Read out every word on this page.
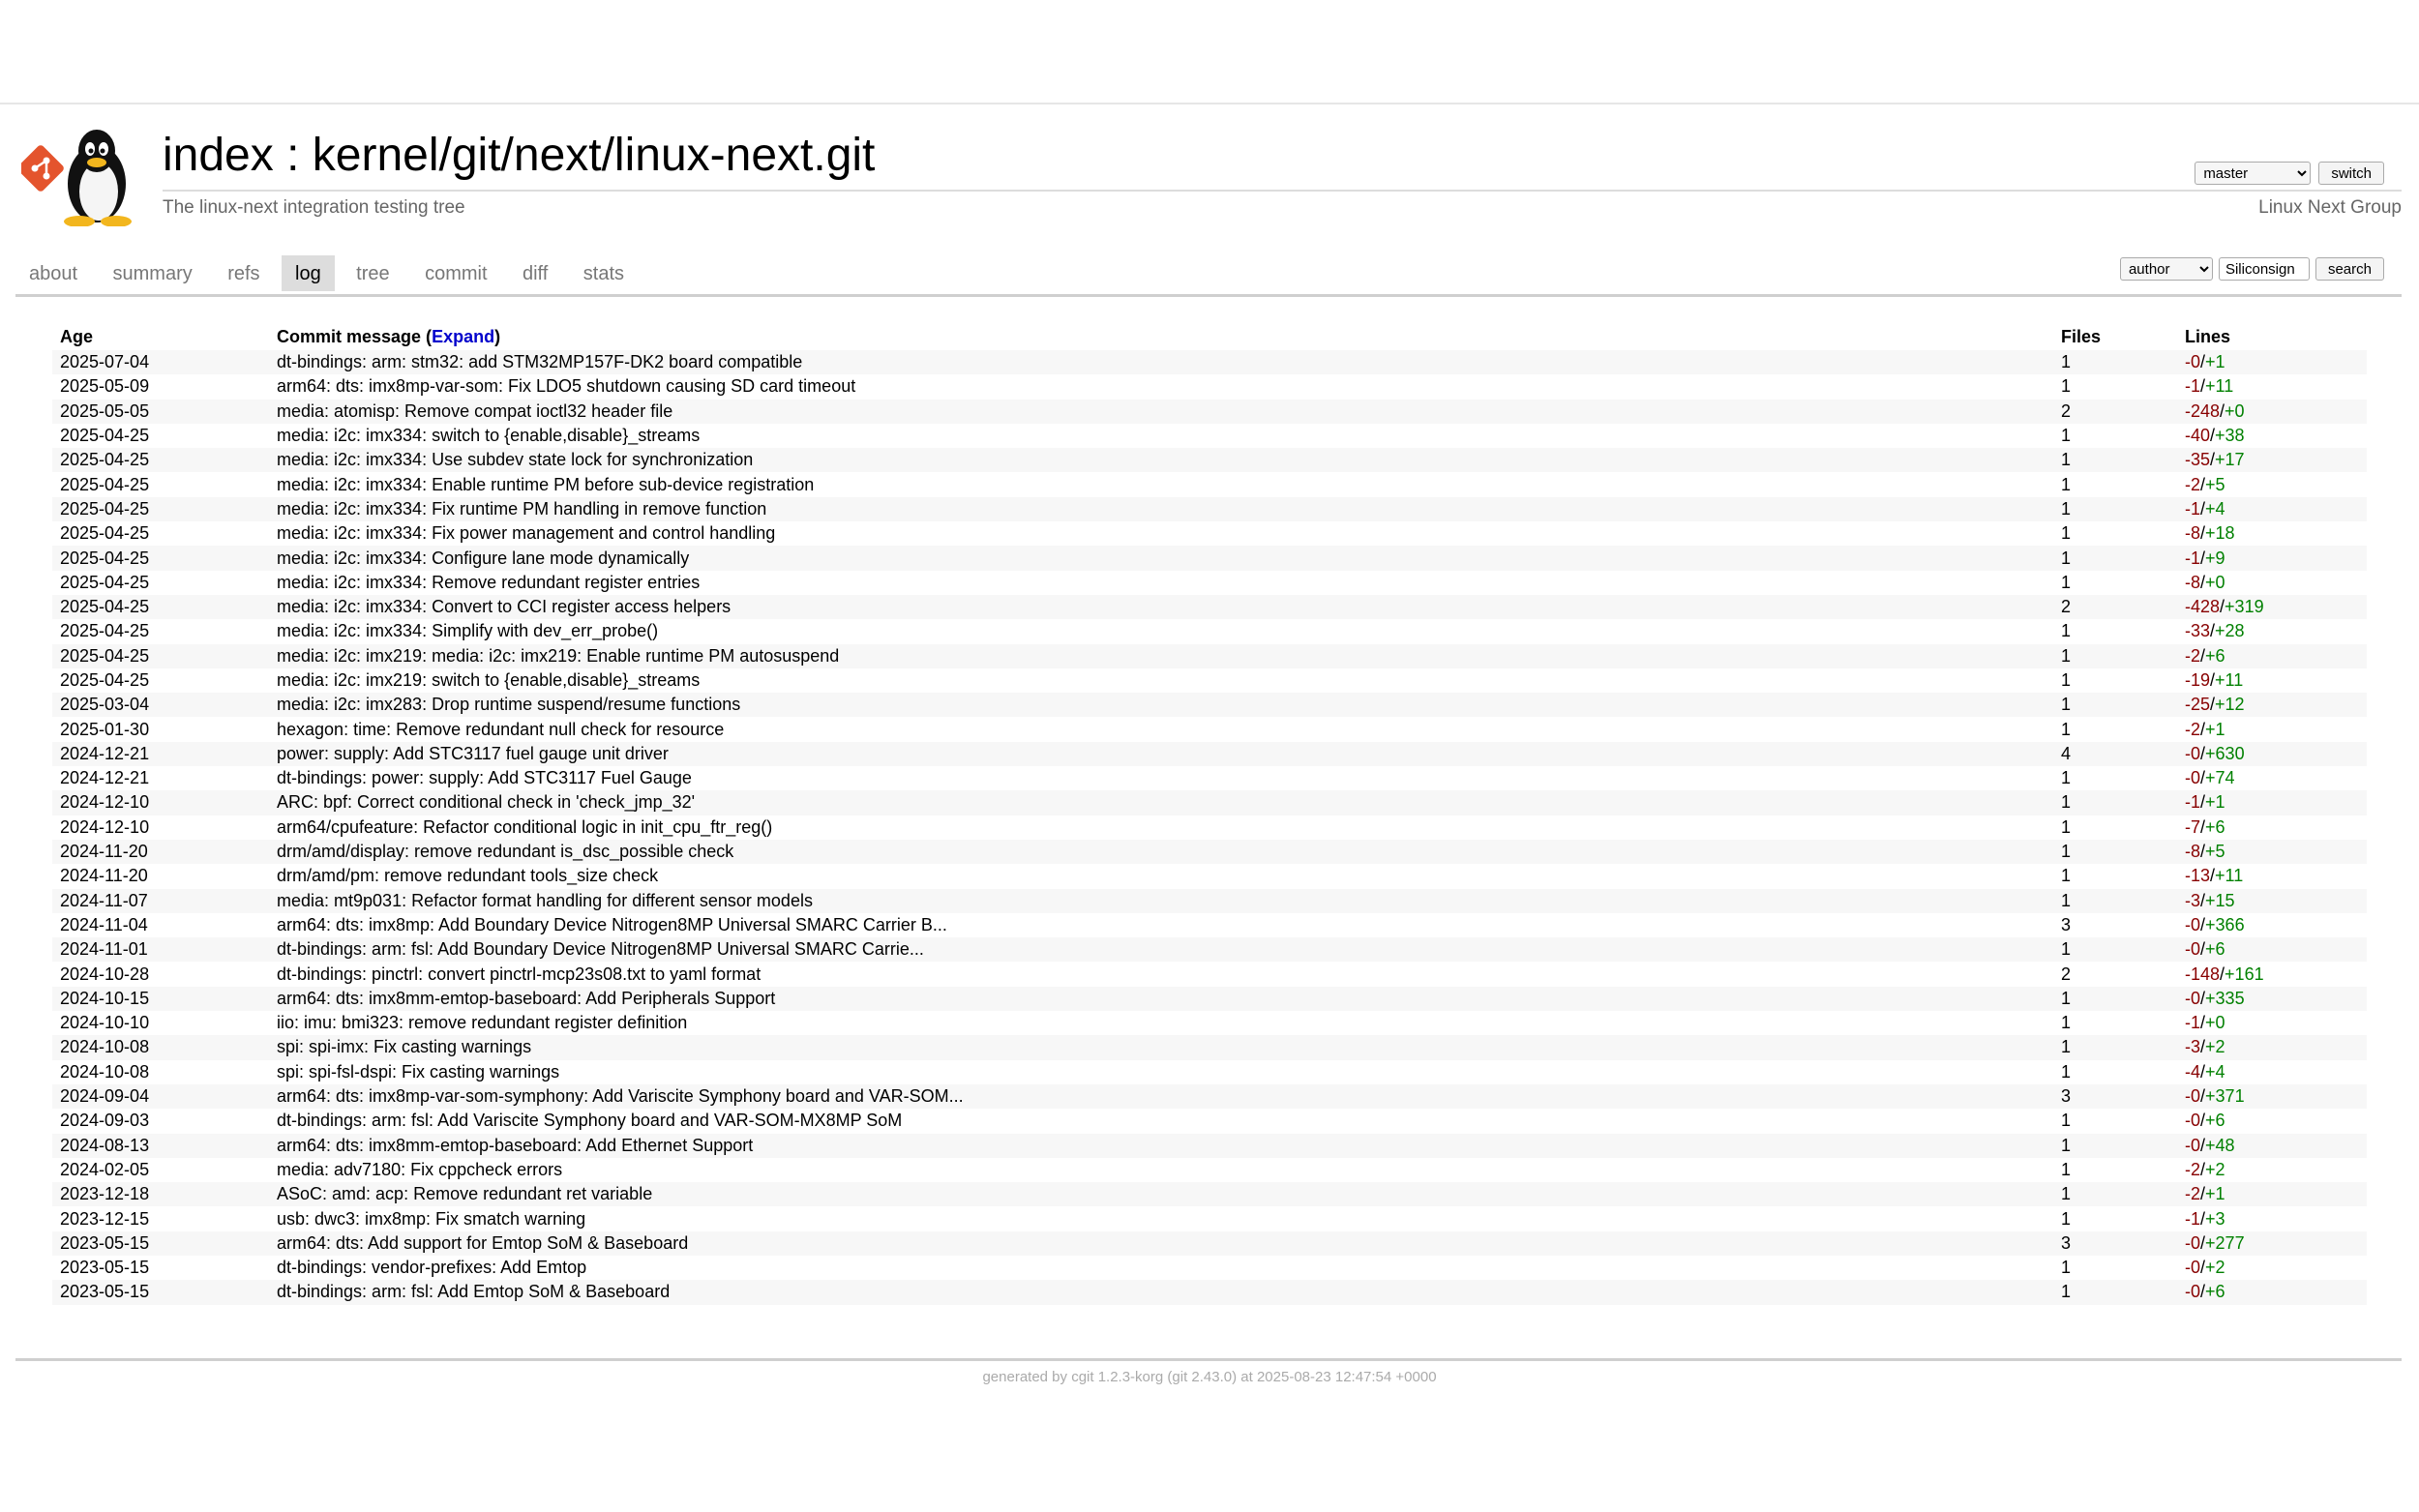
index : kernel/git/next/linux-next.git
master	switch
The linux-next integration testing tree	Linux Next Group
about summary refs log tree commit diff stats
author
Siliconsign	search
Age	Commit message (Expand)	Files	Lines
2025-07-04	dt-bindings: arm: stm32: add STM32MP157F-DK2 board compatible	1	-0/+1
2025-05-09	arm64: dts: imx8mp-var-som: Fix LDO5 shutdown causing SD card timeout	1	-1/+11
2025-05-05	media: atomisp: Remove compat ioctl32 header file	2	-248/+0
2025-04-25	media: i2c: imx334: switch to {enable,disable}_streams	1	-40/+38
2025-04-25	media: i2c: imx334: Use subdev state lock for synchronization	1	-35/+17
2025-04-25	media: i2c: imx334: Enable runtime PM before sub-device registration	1	-2/+5
2025-04-25	media: i2c: imx334: Fix runtime PM handling in remove function	1	-1/+4
2025-04-25	media: i2c: imx334: Fix power management and control handling	1	-8/+18
2025-04-25	media: i2c: imx334: Configure lane mode dynamically	1	-1/+9
2025-04-25	media: i2c: imx334: Remove redundant register entries	1	-8/+0
2025-04-25	media: i2c: imx334: Convert to CCI register access helpers	2	-428/+319
2025-04-25	media: i2c: imx334: Simplify with dev_err_probe()	1	-33/+28
2025-04-25	media: i2c: imx219: media: i2c: imx219: Enable runtime PM autosuspend	1	-2/+6
2025-04-25	media: i2c: imx219: switch to {enable,disable}_streams	1	-19/+11
2025-03-04	media: i2c: imx283: Drop runtime suspend/resume functions	1	-25/+12
2025-01-30	hexagon: time: Remove redundant null check for resource	1	-2/+1
2024-12-21	power: supply: Add STC3117 fuel gauge unit driver	4	-0/+630
2024-12-21	dt-bindings: power: supply: Add STC3117 Fuel Gauge	1	-0/+74
2024-12-10	ARC: bpf: Correct conditional check in 'check_jmp_32'	1	-1/+1
2024-12-10	arm64/cpufeature: Refactor conditional logic in init_cpu_ftr_reg()	1	-7/+6
2024-11-20	drm/amd/display: remove redundant is_dsc_possible check	1	-8/+5
2024-11-20	drm/amd/pm: remove redundant tools_size check	1	-13/+11
2024-11-07	media: mt9p031: Refactor format handling for different sensor models	1	-3/+15
2024-11-04	arm64: dts: imx8mp: Add Boundary Device Nitrogen8MP Universal SMARC Carrier B...	3	-0/+366
2024-11-01	dt-bindings: arm: fsl: Add Boundary Device Nitrogen8MP Universal SMARC Carrie...	1	-0/+6
2024-10-28	dt-bindings: pinctrl: convert pinctrl-mcp23s08.txt to yaml format	2	-148/+161
2024-10-15	arm64: dts: imx8mm-emtop-baseboard: Add Peripherals Support	1	-0/+335
2024-10-10	iio: imu: bmi323: remove redundant register definition	1	-1/+0
2024-10-08	spi: spi-imx: Fix casting warnings	1	-3/+2
2024-10-08	spi: spi-fsl-dspi: Fix casting warnings	1	-4/+4
2024-09-04	arm64: dts: imx8mp-var-som-symphony: Add Variscite Symphony board and VAR-SOM...	3	-0/+371
2024-09-03	dt-bindings: arm: fsl: Add Variscite Symphony board and VAR-SOM-MX8MP SoM	1	-0/+6
2024-08-13	arm64: dts: imx8mm-emtop-baseboard: Add Ethernet Support	1	-0/+48
2024-02-05	media: adv7180: Fix cppcheck errors	1	-2/+2
2023-12-18	ASoC: amd: acp: Remove redundant ret variable	1	-2/+1
2023-12-15	usb: dwc3: imx8mp: Fix smatch warning	1	-1/+3
2023-05-15	arm64: dts: Add support for Emtop SoM & Baseboard	3	-0/+277
2023-05-15	dt-bindings: vendor-prefixes: Add Emtop	1	-0/+2
2023-05-15	dt-bindings: arm: fsl: Add Emtop SoM & Baseboard	1	-0/+6
generated by cgit 1.2.3-korg (git 2.43.0) at 2025-08-23 12:47:54 +0000
